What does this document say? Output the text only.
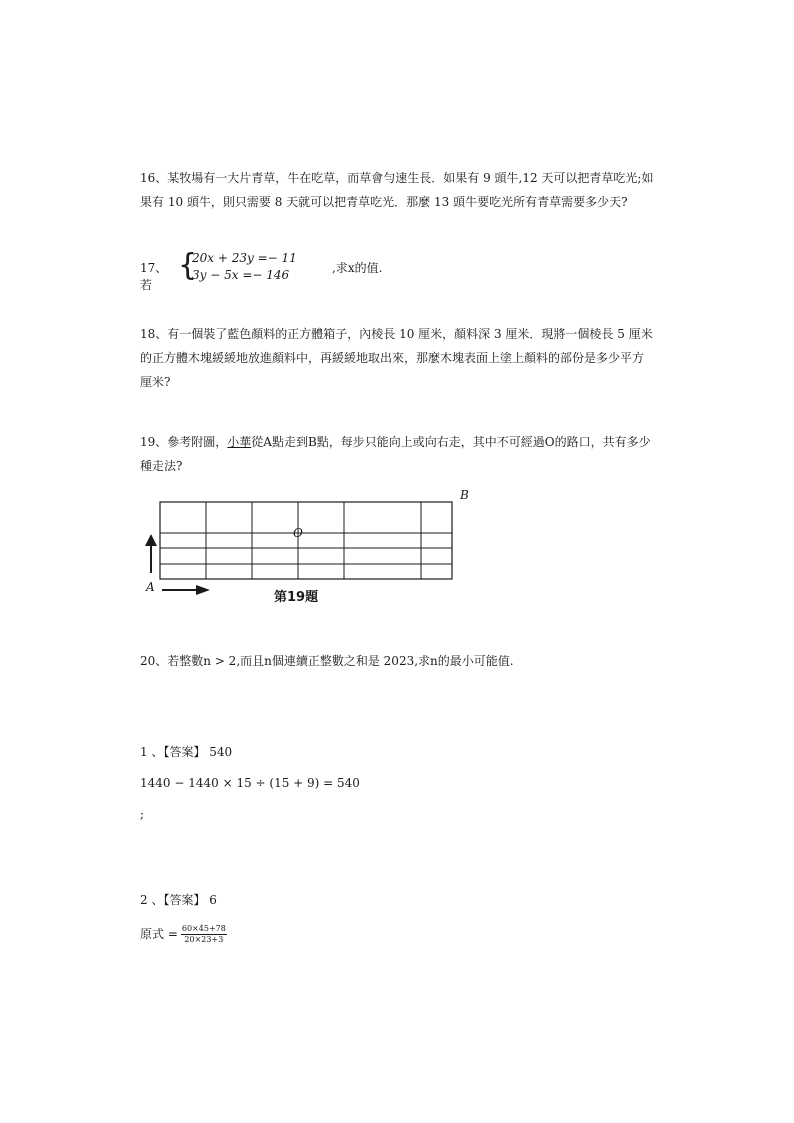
16、某牧場有一大片青草，牛在吃草，而草會勻速生長．如果有 9 頭牛,12 天可以把青草吃光;如
果有 10 頭牛，則只需要 8 天就可以把青草吃光．那麼 13 頭牛要吃光所有青草需要多少天?
17、若
{
20x + 23y =− 11
3y − 5x =− 146	,求x的值.
18、有一個裝了藍色顏料的正方體箱子，內棱長 10 厘米，顏料深 3 厘米．現將一個棱長 5 厘米
的正方體木塊緩緩地放進顏料中，再緩緩地取出來，那麼木塊表面上塗上顏料的部份是多少平方
厘米?
19、參考附圖，小華從A點走到B點，每步只能向上或向右走，其中不可經過O的路口，共有多少
種走法?
B
O
A
第19題
20、若整數n > 2,而且n個連續正整數之和是 2023,求n的最小可能值.
1 、【答案】 540
1440 − 1440 × 15 ÷ (15 + 9) = 540
;
2 、【答案】 6
原式 = $\frac{60\times 45+78}{20\times 23+3}$
